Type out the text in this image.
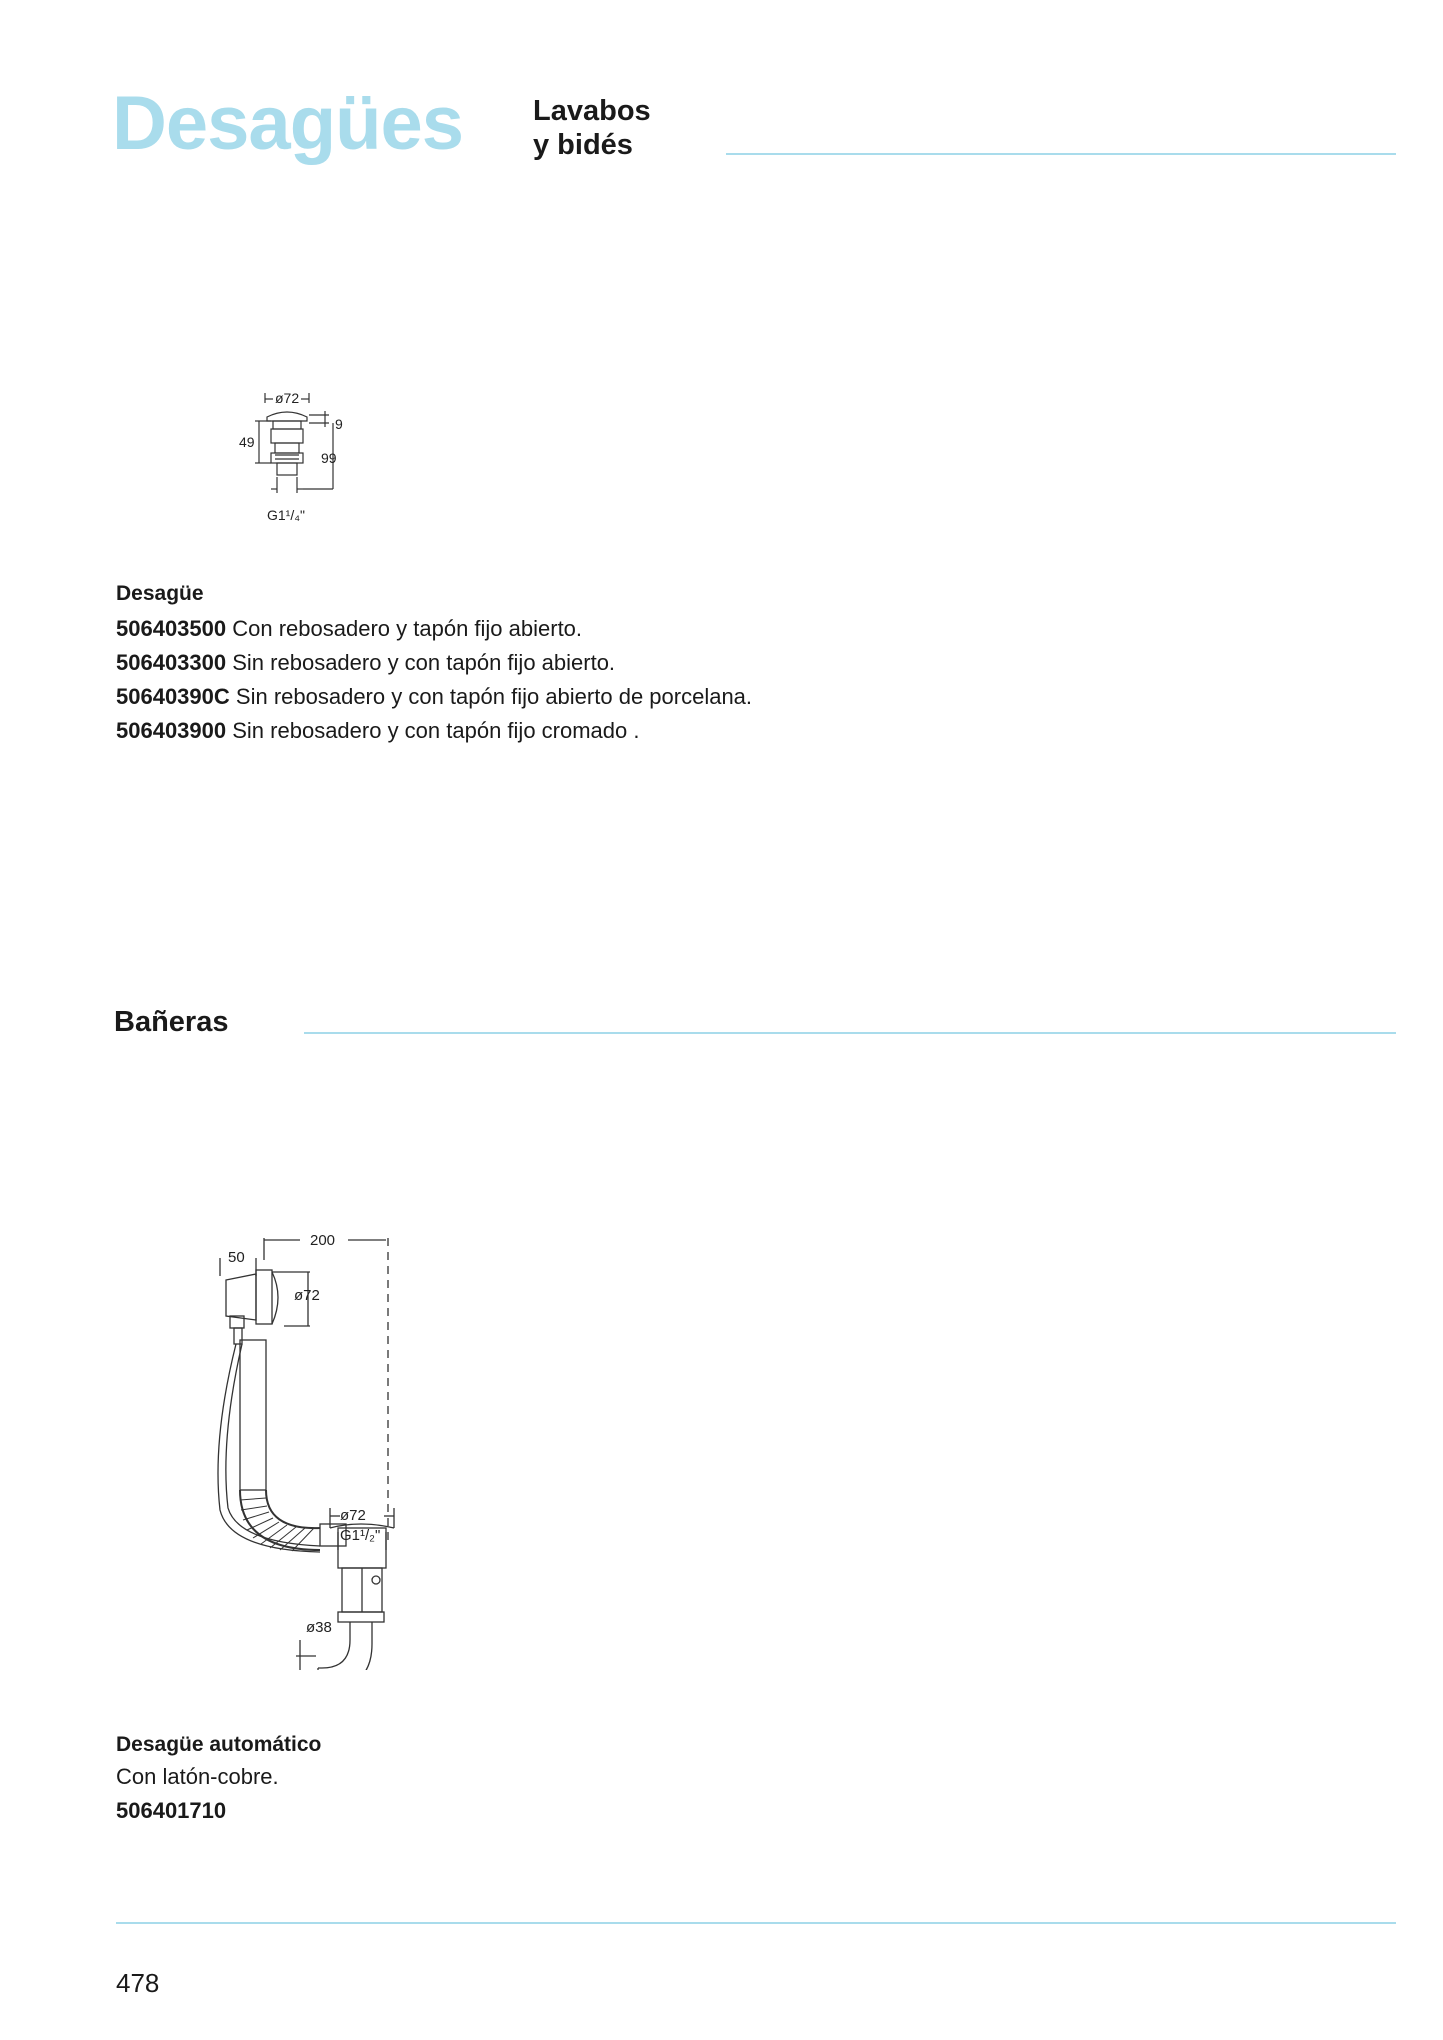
Desagües Lavabos
y bidés
ø72
9
49
99
G1¹/₄"
Desagüe
506403500 Con rebosadero y tapón fijo abierto.
506403300 Sin rebosadero y con tapón fijo abierto.
50640390C Sin rebosadero y con tapón fijo abierto de porcelana.
506403900 Sin rebosadero y con tapón fijo cromado .
Bañeras
200
50
ø72
ø72
G1¹/₂"
ø38
Desagüe automático
Con latón-cobre.
506401710
478
